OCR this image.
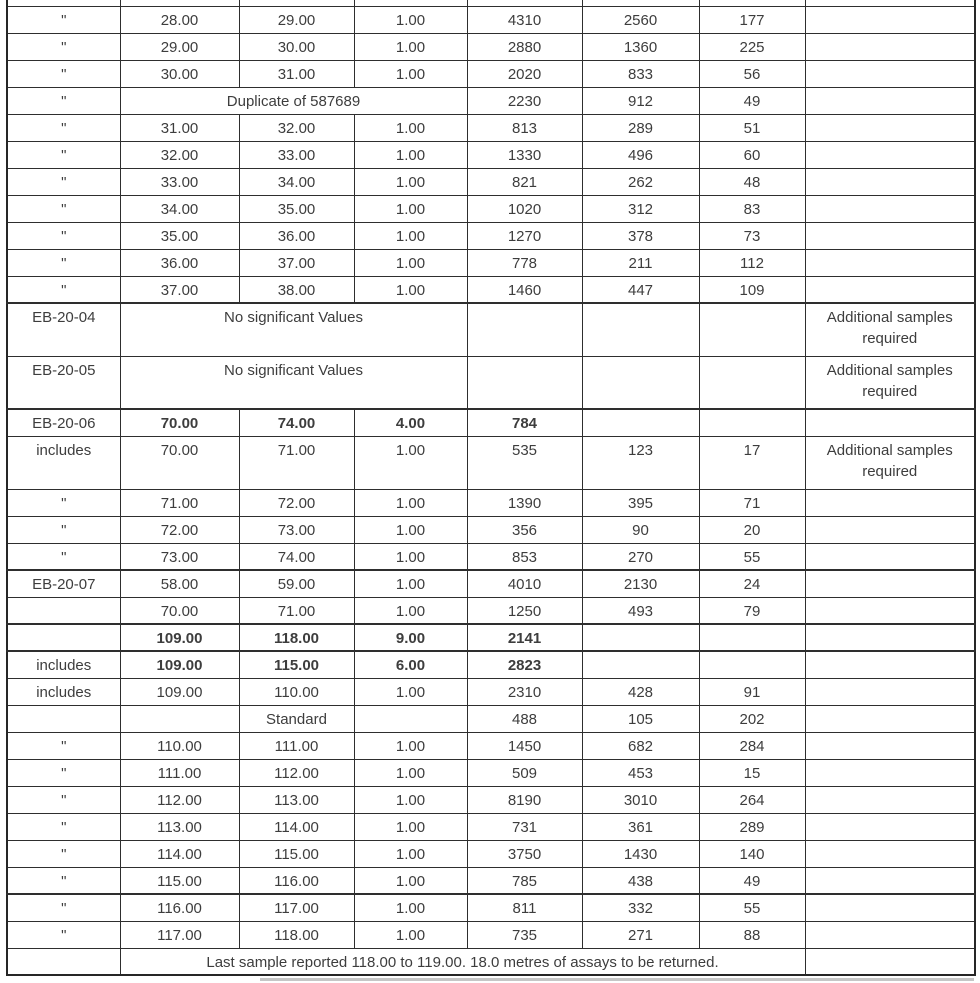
"	28.00	29.00	1.00	4310	2560	177	
"	29.00	30.00	1.00	2880	1360	225	
"	30.00	31.00	1.00	2020	833	56	
"	Duplicate of 587689			2230	912	49	
"	31.00	32.00	1.00	813	289	51	
"	32.00	33.00	1.00	1330	496	60	
"	33.00	34.00	1.00	821	262	48	
"	34.00	35.00	1.00	1020	312	83	
"	35.00	36.00	1.00	1270	378	73	
"	36.00	37.00	1.00	778	211	112	
"	37.00	38.00	1.00	1460	447	109	
EB-20-04	No significant Values						Additional samples required
EB-20-05	No significant Values						Additional samples required
EB-20-06	70.00	74.00	4.00	784			
includes	70.00	71.00	1.00	535	123	17	Additional samples required
"	71.00	72.00	1.00	1390	395	71	
"	72.00	73.00	1.00	356	90	20	
"	73.00	74.00	1.00	853	270	55	
EB-20-07	58.00	59.00	1.00	4010	2130	24	
	70.00	71.00	1.00	1250	493	79	
	109.00	118.00	9.00	2141			
includes	109.00	115.00	6.00	2823			
includes	109.00	110.00	1.00	2310	428	91	
		Standard		488	105	202	
"	110.00	111.00	1.00	1450	682	284	
"	111.00	112.00	1.00	509	453	15	
"	112.00	113.00	1.00	8190	3010	264	
"	113.00	114.00	1.00	731	361	289	
"	114.00	115.00	1.00	3750	1430	140	
"	115.00	116.00	1.00	785	438	49	
"	116.00	117.00	1.00	811	332	55	
"	117.00	118.00	1.00	735	271	88	
	Last sample reported 118.00 to 119.00. 18.0 metres of assays to be returned.						
